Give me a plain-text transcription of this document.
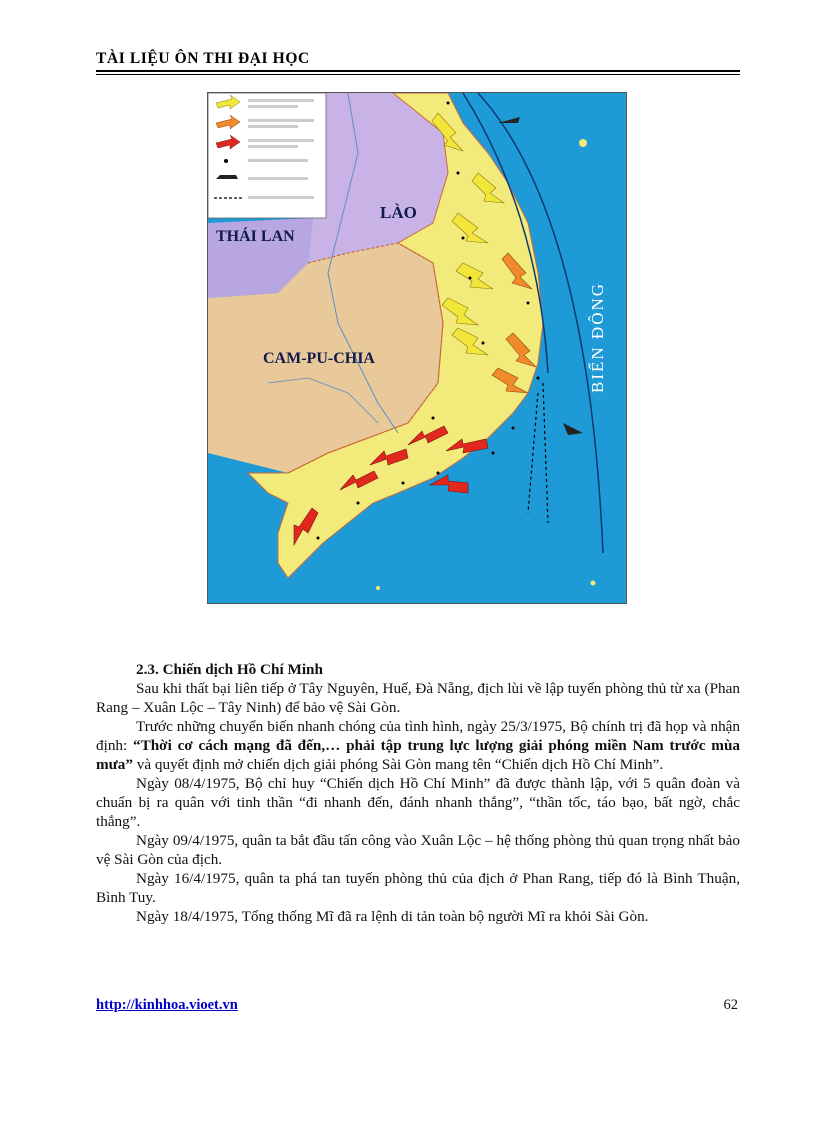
TÀI LIỆU ÔN THI ĐẠI HỌC
LÀO
THÁI LAN
CAM-PU-CHIA	BIỂN ĐÔNG
2.3. Chiến dịch Hồ Chí Minh

Sau khi thất bại liên tiếp ở Tây Nguyên, Huế, Đà Nẵng, địch lùi về lập tuyến phòng thủ từ xa (Phan Rang – Xuân Lộc – Tây Ninh) để bảo vệ Sài Gòn.

Trước những chuyển biến nhanh chóng của tình hình, ngày 25/3/1975, Bộ chính trị đã họp và nhận định: “Thời cơ cách mạng đã đến,… phải tập trung lực lượng giải phóng miền Nam trước mùa mưa” và quyết định mở chiến dịch giải phóng Sài Gòn mang tên “Chiến dịch Hồ Chí Minh”.

Ngày 08/4/1975, Bộ chỉ huy “Chiến dịch Hồ Chí Minh” đã được thành lập, với 5 quân đoàn và chuẩn bị ra quân với tinh thần “đi nhanh đến, đánh nhanh thắng”, “thần tốc, táo bạo, bất ngờ, chắc thắng”.

Ngày 09/4/1975, quân ta bắt đầu tấn công vào Xuân Lộc – hệ thống phòng thủ quan trọng nhất bảo vệ Sài Gòn của địch.

Ngày 16/4/1975, quân ta phá tan tuyến phòng thủ của địch ở Phan Rang, tiếp đó là Bình Thuận, Bình Tuy.

Ngày 18/4/1975, Tổng thống Mĩ đã ra lệnh di tản toàn bộ người Mĩ ra khỏi Sài Gòn.

http://kinhhoa.vioet.vn	62
